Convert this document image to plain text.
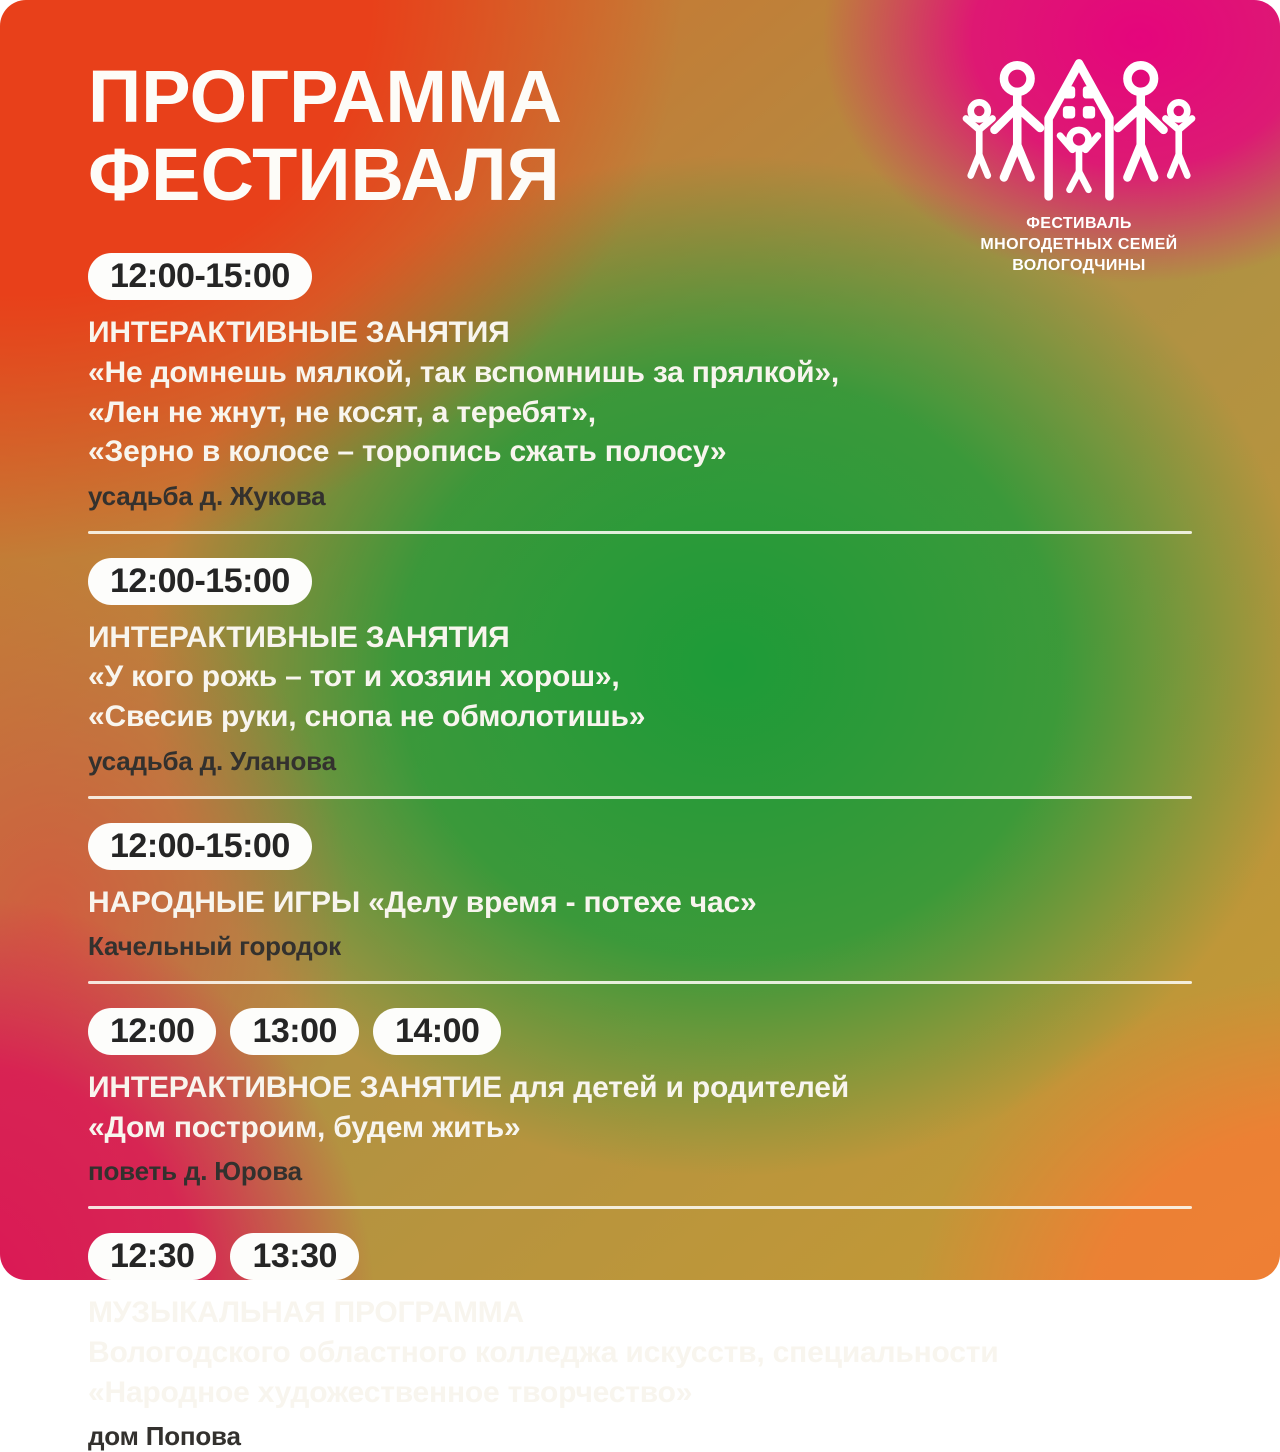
ПРОГРАММА
ФЕСТИВАЛЯ
ФЕСТИВАЛЬ
МНОГОДЕТНЫХ СЕМЕЙ
ВОЛОГОДЧИНЫ
12:00-15:00
ИНТЕРАКТИВНЫЕ ЗАНЯТИЯ
«Не домнешь мялкой, так вспомнишь за прялкой»,
«Лен не жнут, не косят, а теребят»,
«Зерно в колосе – торопись сжать полосу»
усадьба д. Жукова
12:00-15:00
ИНТЕРАКТИВНЫЕ ЗАНЯТИЯ
«У кого рожь – тот и хозяин хорош»,
«Свесив руки, снопа не обмолотишь»
усадьба д. Уланова
12:00-15:00
НАРОДНЫЕ ИГРЫ «Делу время - потехе час»
Качельный городок
12:00	13:00	14:00
ИНТЕРАКТИВНОЕ ЗАНЯТИЕ для детей и родителей
«Дом построим, будем жить»
поветь д. Юрова
12:30	13:30
МУЗЫКАЛЬНАЯ ПРОГРАММА
Вологодского областного колледжа искусств, специальности
«Народное художественное творчество»
дом Попова
